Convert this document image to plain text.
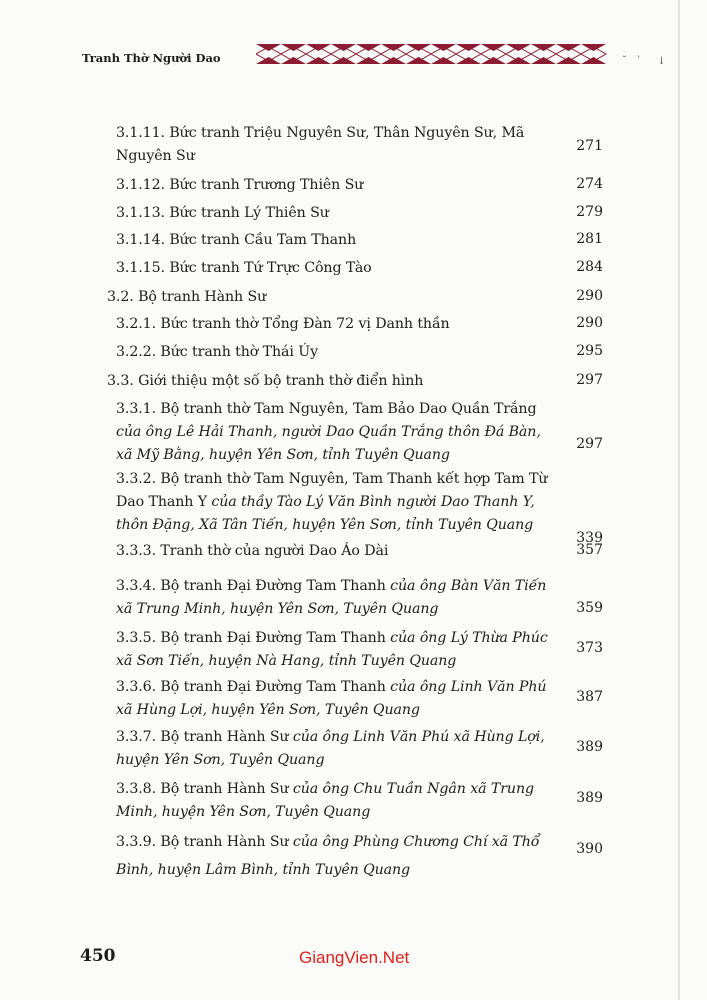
Tranh Thờ Người Dao	˘   `     ↓
3.1.11. Bức tranh Triệu Nguyên Sư, Thân Nguyên Sư, Mã Nguyên Sư
271
3.1.12. Bức tranh Trương Thiên Sư	274
3.1.13. Bức tranh Lý Thiên Sư	279
3.1.14. Bức tranh Cầu Tam Thanh	281
3.1.15. Bức tranh Tứ Trực Công Tào	284
3.2. Bộ tranh Hành Sư	290
3.2.1. Bức tranh thờ Tổng Đàn 72 vị Danh thần	290
3.2.2. Bức tranh thờ Thái Úy	295
3.3. Giới thiệu một số bộ tranh thờ điển hình	297
3.3.1. Bộ tranh thờ Tam Nguyên, Tam Bảo Dao Quần Trắng của ông Lê Hải Thanh, người Dao Quần Trắng thôn Đá Bàn, xã Mỹ Bằng, huyện Yên Sơn, tỉnh Tuyên Quang
297
3.3.2. Bộ tranh thờ Tam Nguyên, Tam Thanh kết hợp Tam Từ Dao Thanh Y của thầy Tào Lý Văn Bình người Dao Thanh Y, thôn Đặng, Xã Tân Tiến, huyện Yên Sơn, tỉnh Tuyên Quang
339
3.3.3. Tranh thờ của người Dao Áo Dài	357
3.3.4. Bộ tranh Đại Đường Tam Thanh của ông Bàn Văn Tiến xã Trung Minh, huyện Yên Sơn, Tuyên Quang	359
3.3.5. Bộ tranh Đại Đường Tam Thanh của ông Lý Thừa Phúc xã Sơn Tiến, huyện Nà Hang, tỉnh Tuyên Quang
373
3.3.6. Bộ tranh Đại Đường Tam Thanh của ông Linh Văn Phú xã Hùng Lợi, huyện Yên Sơn, Tuyên Quang
387
3.3.7. Bộ tranh Hành Sư của ông Linh Văn Phú xã Hùng Lợi, huyện Yên Sơn, Tuyên Quang
389
3.3.8. Bộ tranh Hành Sư của ông Chu Tuần Ngân xã Trung Minh, huyện Yên Sơn, Tuyên Quang
389
3.3.9. Bộ tranh Hành Sư của ông Phùng Chương Chí xã Thổ Bình, huyện Lâm Bình, tỉnh Tuyên Quang
390
450	GiangVien.Net
